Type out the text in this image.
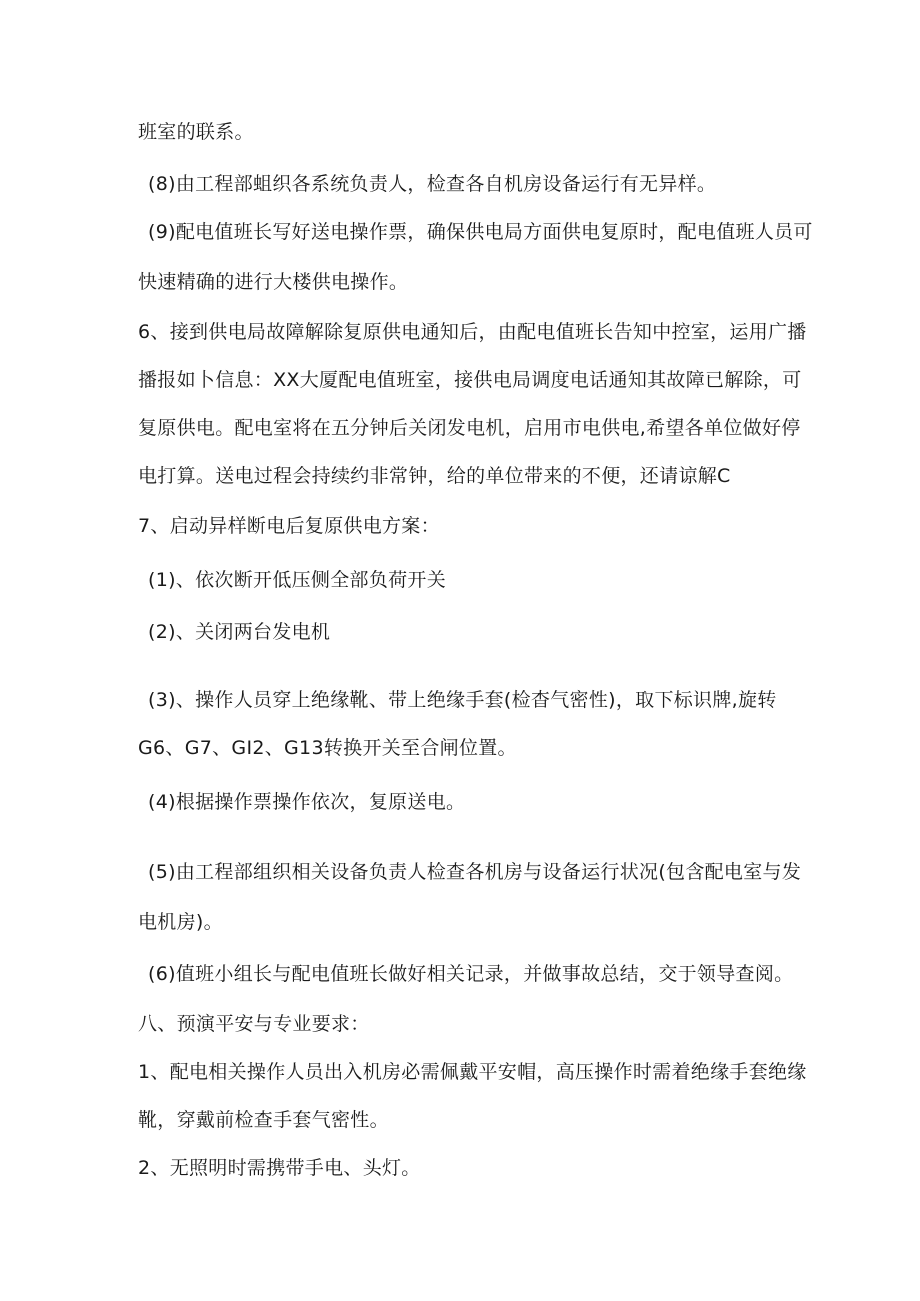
班室的联系。
(8)由工程部蛆织各系统负责人，检查各自机房设备运行有无异样。
(9)配电值班长写好送电操作票，确保供电局方面供电复原时，配电值班人员可
快速精确的进行大楼供电操作。
6、接到供电局故障解除复原供电通知后，由配电值班长告知中控室，运用广播
播报如卜信息：XX大厦配电值班室，接供电局调度电话通知其故障已解除，可
复原供电。配电室将在五分钟后关闭发电机，启用市电供电,希望各单位做好停
电打算。送电过程会持续约非常钟，给的单位带来的不便，还请谅解C
7、启动异样断电后复原供电方案：
(1)、依次断开低压侧全部负荷开关
(2)、关闭两台发电机
(3)、操作人员穿上绝缘靴、带上绝缘手套(检杳气密性)，取下标识牌,旋转
G6、G7、GI2、G13转换开关至合闸位置。
(4)根据操作票操作依次，复原送电。
(5)由工程部组织相关设备负责人检查各机房与设备运行状况(包含配电室与发
电机房)。
(6)值班小组长与配电值班长做好相关记录，并做事故总结，交于领导查阅。
八、预演平安与专业要求：
1、配电相关操作人员出入机房必需佩戴平安帽，高压操作时需着绝缘手套绝缘
靴，穿戴前检查手套气密性。
2、无照明时需携带手电、头灯。
